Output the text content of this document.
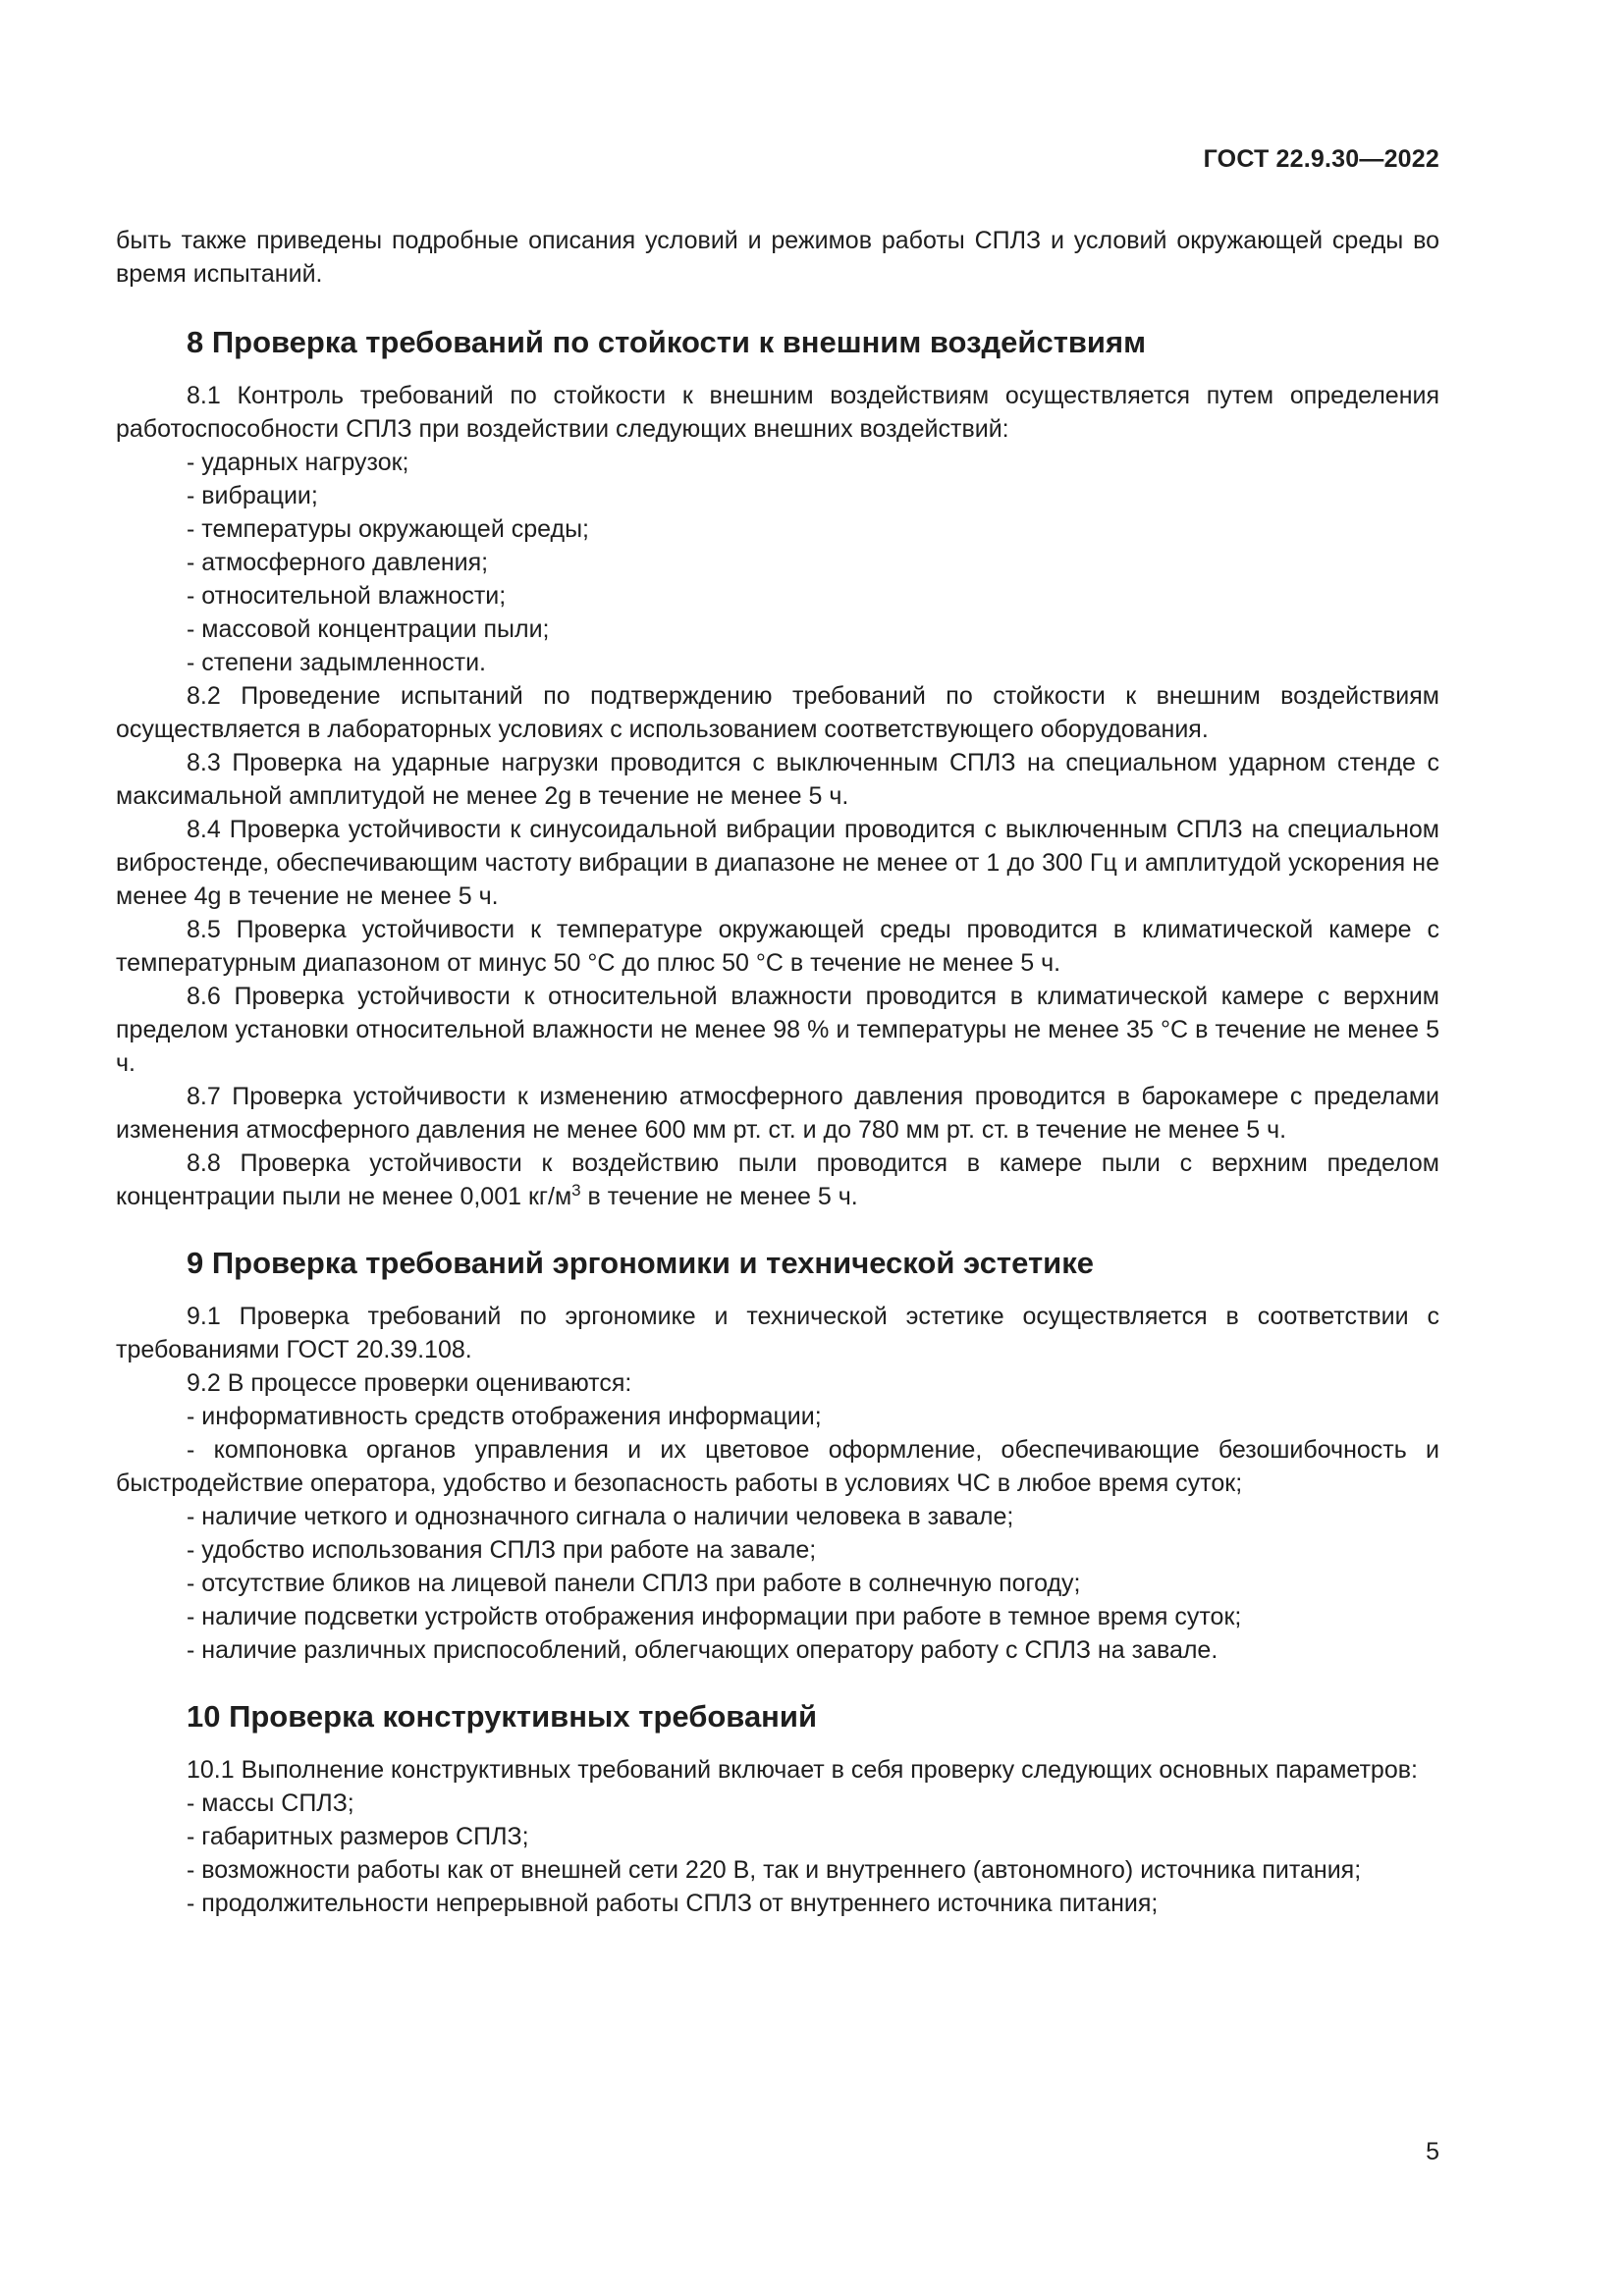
ГОСТ 22.9.30—2022

быть также приведены подробные описания условий и режимов работы СПЛЗ и условий окружающей среды во время испытаний.

8 Проверка требований по стойкости к внешним воздействиям

8.1 Контроль требований по стойкости к внешним воздействиям осуществляется путем определения работоспособности СПЛЗ при воздействии следующих внешних воздействий:

- ударных нагрузок;

- вибрации;

- температуры окружающей среды;

- атмосферного давления;

- относительной влажности;

- массовой концентрации пыли;

- степени задымленности.

8.2 Проведение испытаний по подтверждению требований по стойкости к внешним воздействиям осуществляется в лабораторных условиях с использованием соответствующего оборудования.

8.3 Проверка на ударные нагрузки проводится с выключенным СПЛЗ на специальном ударном стенде с максимальной амплитудой не менее 2g в течение не менее 5 ч.

8.4 Проверка устойчивости к синусоидальной вибрации проводится с выключенным СПЛЗ на специальном вибростенде, обеспечивающим частоту вибрации в диапазоне не менее от 1 до 300 Гц и амплитудой ускорения не менее 4g в течение не менее 5 ч.

8.5 Проверка устойчивости к температуре окружающей среды проводится в климатической камере с температурным диапазоном от минус 50 °С до плюс 50 °С в течение не менее 5 ч.

8.6 Проверка устойчивости к относительной влажности проводится в климатической камере с верхним пределом установки относительной влажности не менее 98 % и температуры не менее 35 °С в течение не менее 5 ч.

8.7 Проверка устойчивости к изменению атмосферного давления проводится в барокамере с пределами изменения атмосферного давления не менее 600 мм рт. ст. и до 780 мм рт. ст. в течение не менее 5 ч.

8.8 Проверка устойчивости к воздействию пыли проводится в камере пыли с верхним пределом концентрации пыли не менее 0,001 $кг/м^3$ в течение не менее 5 ч.

9 Проверка требований эргономики и технической эстетике

9.1 Проверка требований по эргономике и технической эстетике осуществляется в соответствии с требованиями ГОСТ 20.39.108.

9.2 В процессе проверки оцениваются:

- информативность средств отображения информации;

- компоновка органов управления и их цветовое оформление, обеспечивающие безошибочность и быстродействие оператора, удобство и безопасность работы в условиях ЧС в любое время суток;

- наличие четкого и однозначного сигнала о наличии человека в завале;

- удобство использования СПЛЗ при работе на завале;

- отсутствие бликов на лицевой панели СПЛЗ при работе в солнечную погоду;

- наличие подсветки устройств отображения информации при работе в темное время суток;

- наличие различных приспособлений, облегчающих оператору работу с СПЛЗ на завале.

10 Проверка конструктивных требований

10.1 Выполнение конструктивных требований включает в себя проверку следующих основных параметров:

- массы СПЛЗ;

- габаритных размеров СПЛЗ;

- возможности работы как от внешней сети 220 В, так и внутреннего (автономного) источника питания;

- продолжительности непрерывной работы СПЛЗ от внутреннего источника питания;

5
